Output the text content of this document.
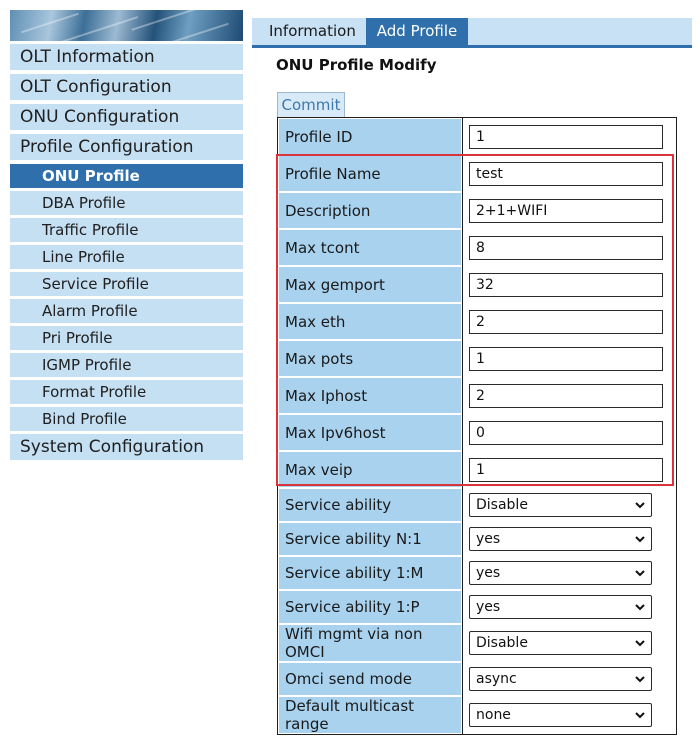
OLT Information
OLT Configuration
ONU Configuration
Profile Configuration
ONU Profile
DBA Profile
Traffic Profile
Line Profile
Service Profile
Alarm Profile
Pri Profile
IGMP Profile
Format Profile
Bind Profile
System Configuration
Information	Add Profile
ONU Profile Modify
Commit
Profile ID	1

Profile Name	test

Description	2+1+WIFI

Max tcont	8

Max gemport	32

Max eth	2

Max pots	1

Max Iphost	2

Max Ipv6host	0

Max veip	1

Service ability	Disable

Service ability N:1	yes

Service ability 1:M	yes

Service ability 1:P	yes

Wifi mgmt via non OMCI	Disable

Omci send mode	async

Default multicast range	none
